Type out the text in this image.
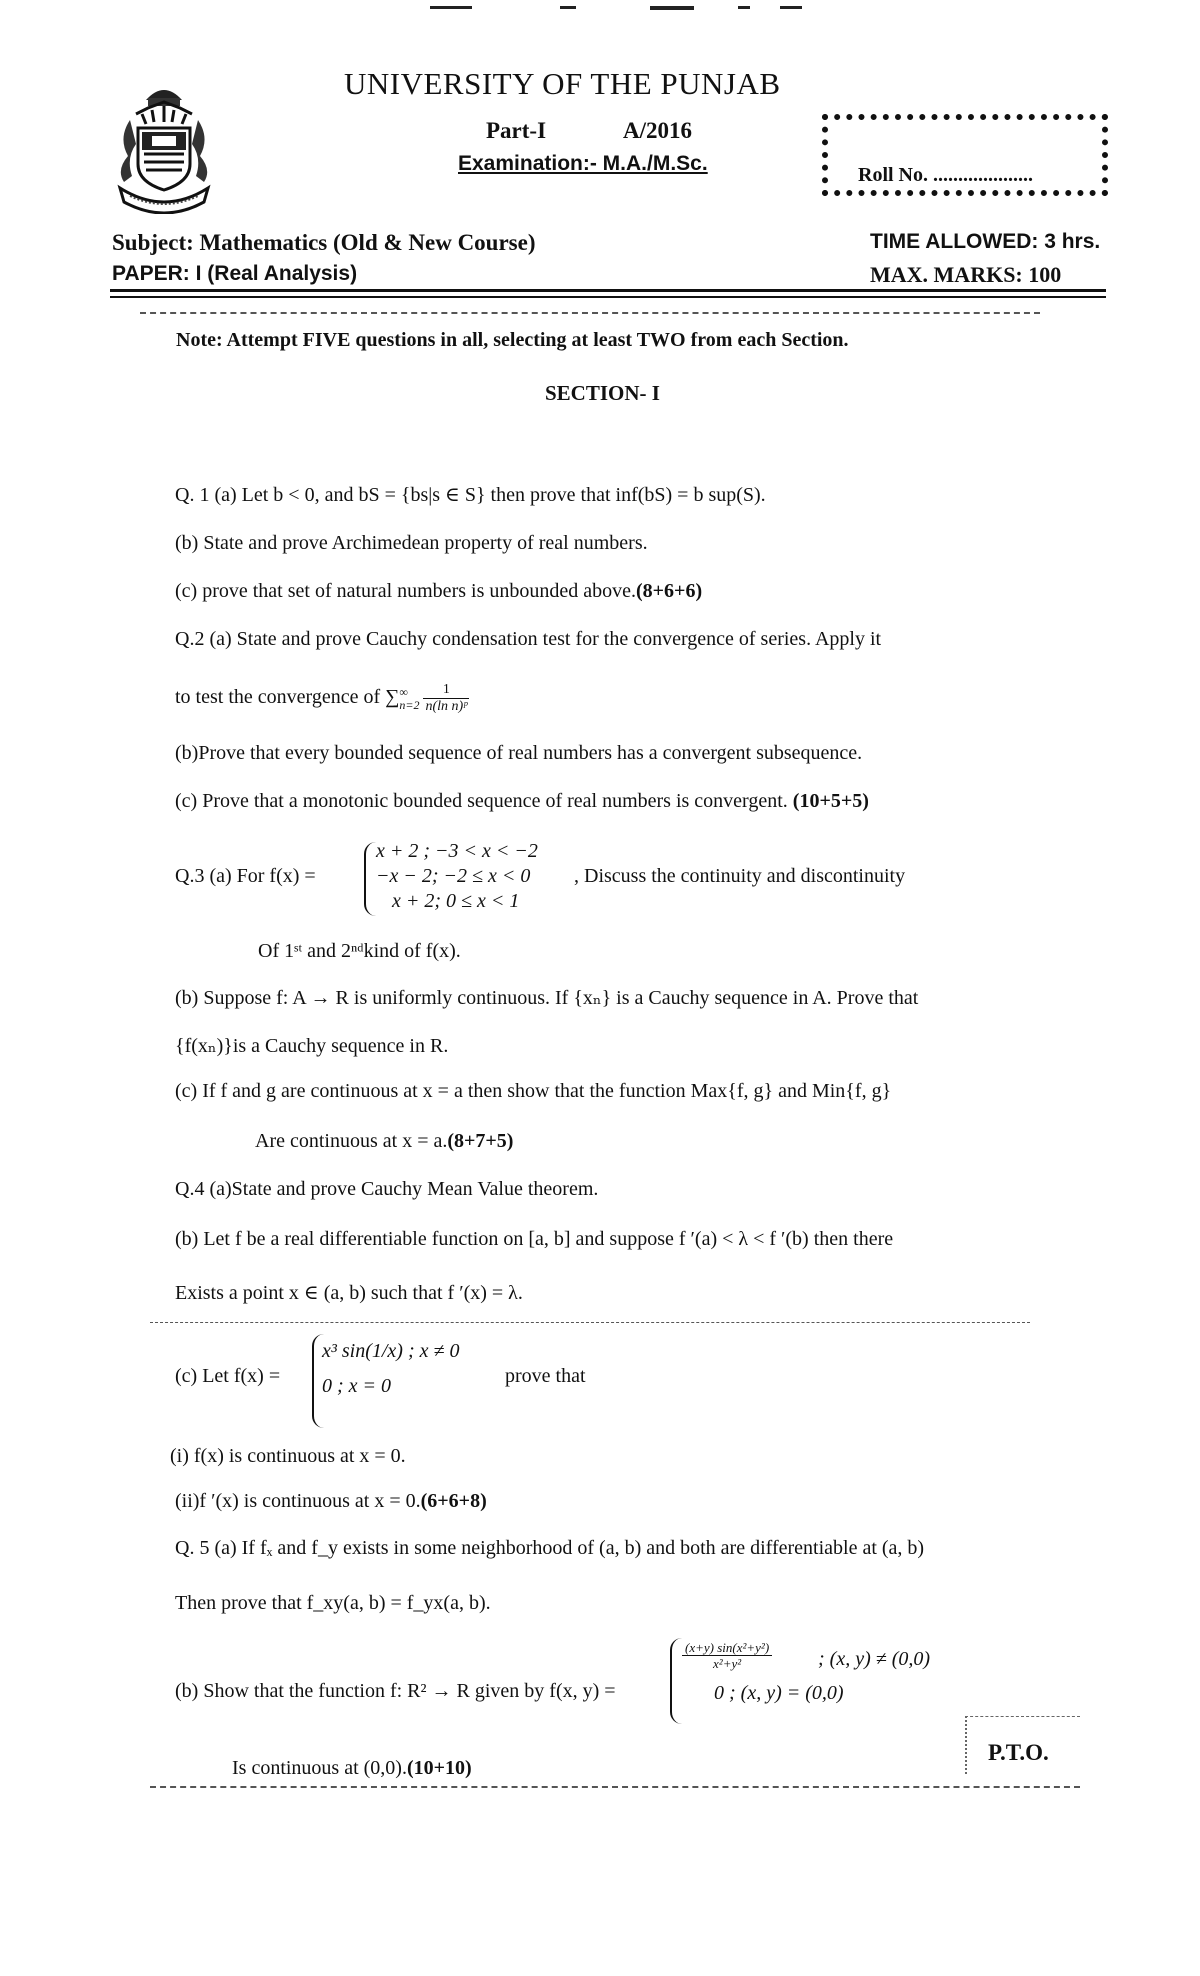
UNIVERSITY OF THE PUNJAB
Part-I	A/2016
Examination:- M.A./M.Sc.	Roll No. ....................
Subject: Mathematics (Old & New Course)
PAPER: I (Real Analysis)
TIME ALLOWED: 3 hrs.
MAX. MARKS: 100
Note: Attempt FIVE questions in all, selecting at least TWO from each Section.
SECTION- I
Q. 1 (a) Let b < 0, and bS = {bs|s ∈ S} then prove that inf(bS) = b sup(S).
(b) State and prove Archimedean property of real numbers.
(c) prove that set of natural numbers is unbounded above.(8+6+6)
Q.2 (a) State and prove Cauchy condensation test for the convergence of series. Apply it
to test the convergence of ∑ ∞
$n=2 \frac{1}{\text{n(ln n)ᵖ}}$
(b)Prove that every bounded sequence of real numbers has a convergent subsequence.
(c) Prove that a monotonic bounded sequence of real numbers is convergent. (10+5+5)
Q.3 (a) For f(x) =
x + 2 ; −3 < x < −2
−x − 2; −2 ≤ x < 0
x + 2; 0 ≤ x < 1
, Discuss the continuity and discontinuity
Of 1ˢᵗ and 2ⁿᵈkind of f(x).
(b) Suppose f: A → R is uniformly continuous. If {xₙ} is a Cauchy sequence in A. Prove that
{f(xₙ)}is a Cauchy sequence in R.
(c) If f and g are continuous at x = a then show that the function Max{f, g} and Min{f, g}
Are continuous at x = a.(8+7+5)
Q.4 (a)State and prove Cauchy Mean Value theorem.
(b) Let f be a real differentiable function on [a, b] and suppose f ′(a) < λ < f ′(b) then there
Exists a point x ∈ (a, b) such that f ′(x) = λ.
(c) Let f(x) =
x³ sin(1/x) ; x ≠ 0
0 ; x = 0	prove that
(i) f(x) is continuous at x = 0.
(ii)f ′(x) is continuous at x = 0.(6+6+8)
Q. 5 (a) If fₓ and f_y exists in some neighborhood of (a, b) and both are differentiable at (a, b)
Then prove that f_xy(a, b) = f_yx(a, b).
(b) Show that the function f: R² → R given by f(x, y) =
$\frac{\text{(x+y) sin(x²+y²)}}{\text{x²+y²}}$ ; (x, y) ≠ (0,0)
0 ; (x, y) = (0,0)
Is continuous at (0,0).(10+10)
P.T.O.
